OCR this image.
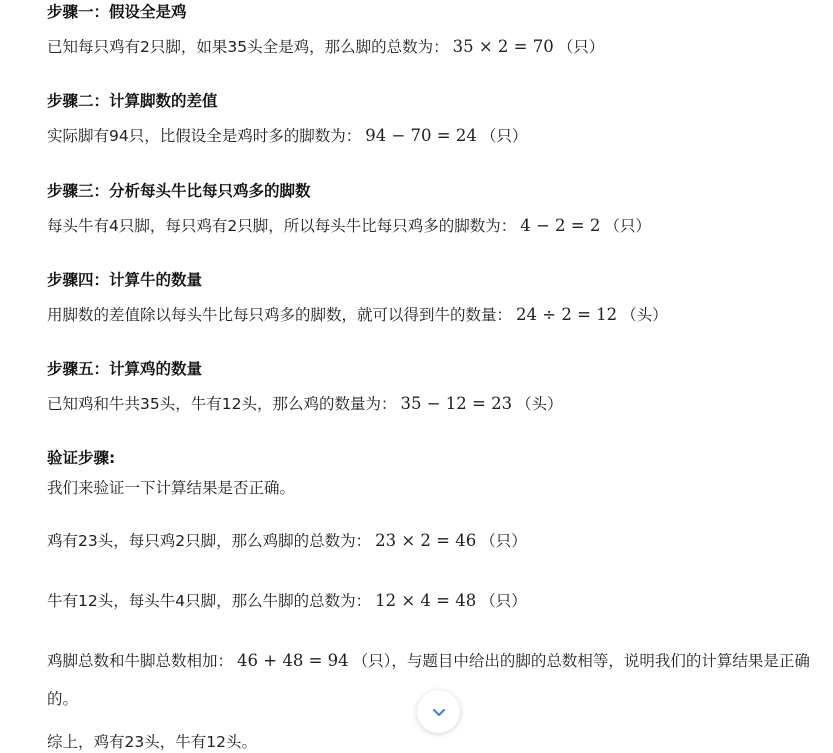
步骤一：假设全是鸡
已知每只鸡有2只脚，如果35头全是鸡，那么脚的总数为： 35 × 2 = 70 （只）
步骤二：计算脚数的差值
实际脚有94只，比假设全是鸡时多的脚数为： 94 − 70 = 24 （只）
步骤三：分析每头牛比每只鸡多的脚数
每头牛有4只脚，每只鸡有2只脚，所以每头牛比每只鸡多的脚数为： 4 − 2 = 2 （只）
步骤四：计算牛的数量
用脚数的差值除以每头牛比每只鸡多的脚数，就可以得到牛的数量： 24 ÷ 2 = 12 （头）
步骤五：计算鸡的数量
已知鸡和牛共35头，牛有12头，那么鸡的数量为： 35 − 12 = 23 （头）
验证步骤:
我们来验证一下计算结果是否正确。
鸡有23头，每只鸡2只脚，那么鸡脚的总数为： 23 × 2 = 46 （只）
牛有12头，每头牛4只脚，那么牛脚的总数为： 12 × 4 = 48 （只）
鸡脚总数和牛脚总数相加： 46 + 48 = 94 （只），与题目中给出的脚的总数相等，说明我们的计算结果是正确的。
综上，鸡有23头，牛有12头。
